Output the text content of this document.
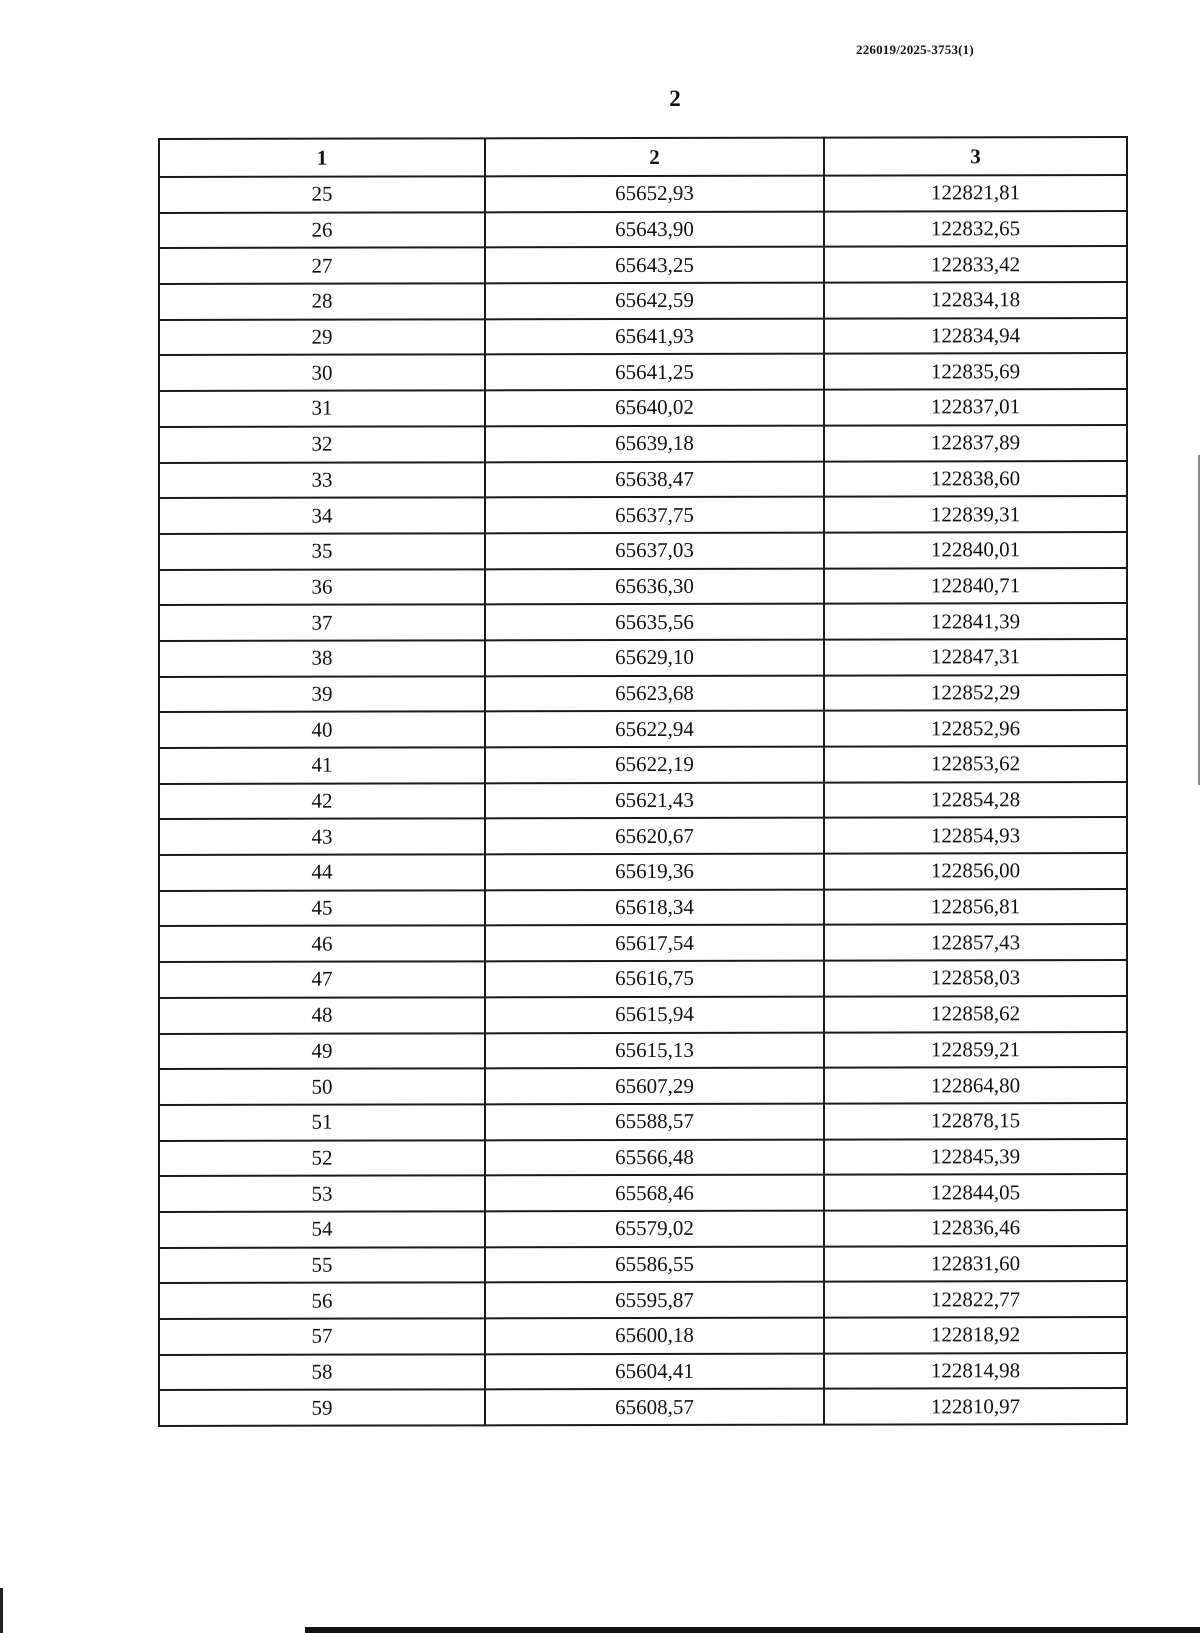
226019/2025-3753(1)
2
1	2	3
25	65652,93	122821,81
26	65643,90	122832,65
27	65643,25	122833,42
28	65642,59	122834,18
29	65641,93	122834,94
30	65641,25	122835,69
31	65640,02	122837,01
32	65639,18	122837,89
33	65638,47	122838,60
34	65637,75	122839,31
35	65637,03	122840,01
36	65636,30	122840,71
37	65635,56	122841,39
38	65629,10	122847,31
39	65623,68	122852,29
40	65622,94	122852,96
41	65622,19	122853,62
42	65621,43	122854,28
43	65620,67	122854,93
44	65619,36	122856,00
45	65618,34	122856,81
46	65617,54	122857,43
47	65616,75	122858,03
48	65615,94	122858,62
49	65615,13	122859,21
50	65607,29	122864,80
51	65588,57	122878,15
52	65566,48	122845,39
53	65568,46	122844,05
54	65579,02	122836,46
55	65586,55	122831,60
56	65595,87	122822,77
57	65600,18	122818,92
58	65604,41	122814,98
59	65608,57	122810,97
